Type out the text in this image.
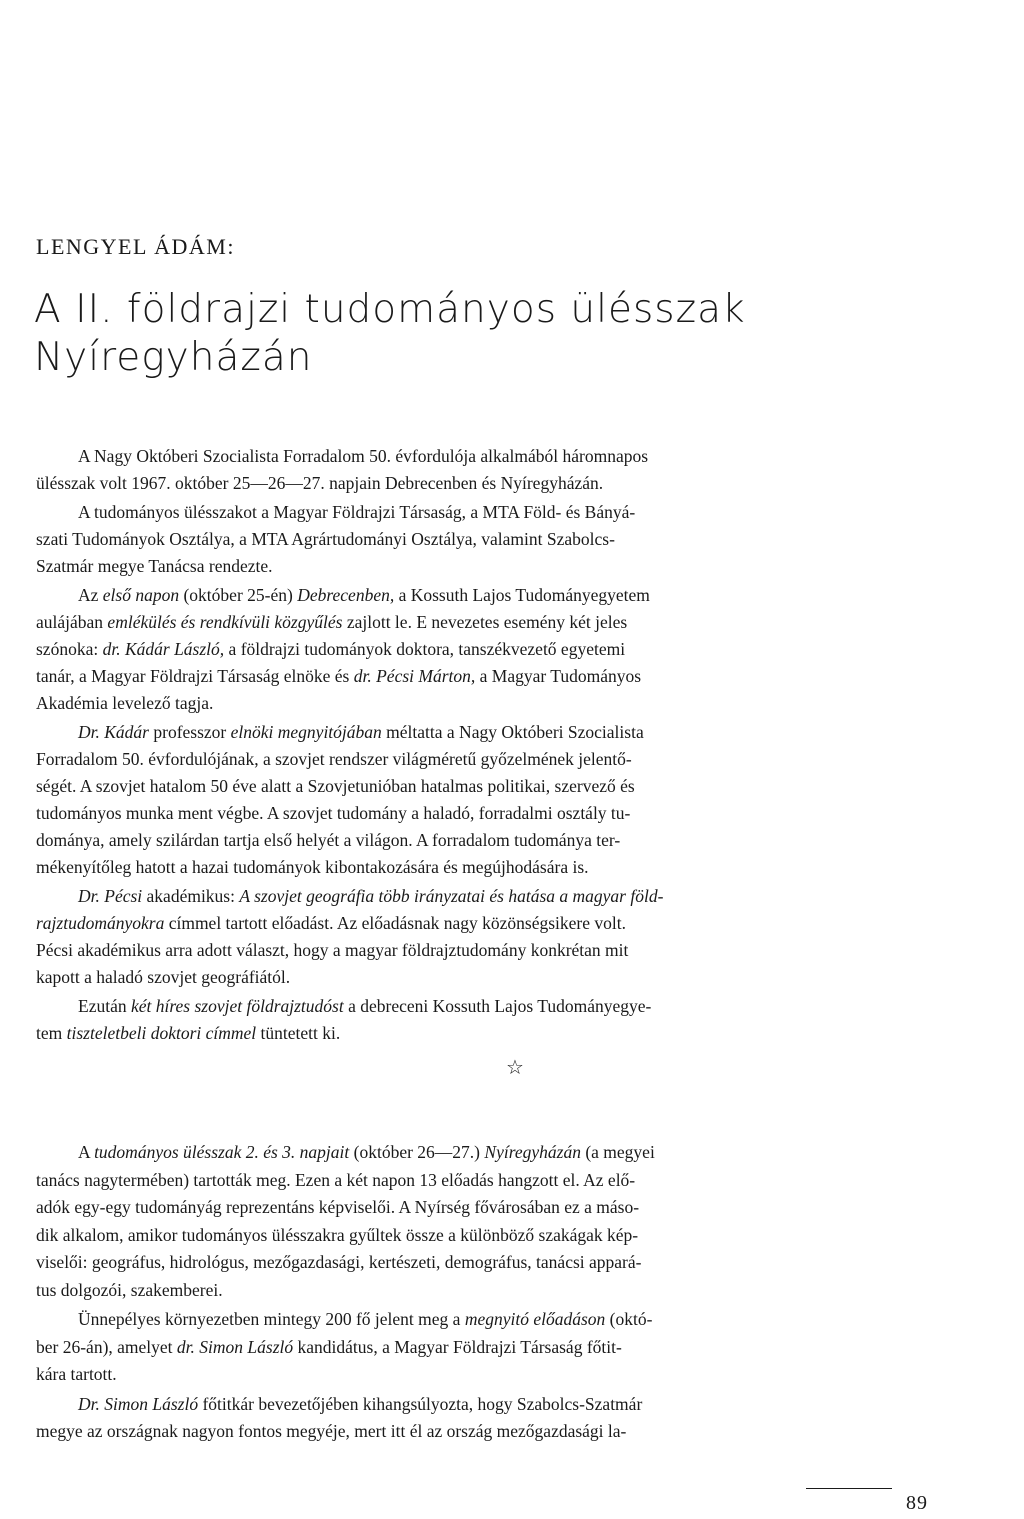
LENGYEL ÁDÁM:
A II. földrajzi tudományos ülésszak
Nyíregyházán

A Nagy Októberi Szocialista Forradalom 50. évfordulója alkalmából háromnapos
ülésszak volt 1967. október 25—26—27. napjain Debrecenben és Nyíregyházán.

A tudományos ülésszakot a Magyar Földrajzi Társaság, a MTA Föld- és Bányá-
szati Tudományok Osztálya, a MTA Agrártudományi Osztálya, valamint Szabolcs-
Szatmár megye Tanácsa rendezte.

Az első napon (október 25-én) Debrecenben, a Kossuth Lajos Tudományegyetem
aulájában emlékülés és rendkívüli közgyűlés zajlott le. E nevezetes esemény két jeles
szónoka: dr. Kádár László, a földrajzi tudományok doktora, tanszékvezető egyetemi
tanár, a Magyar Földrajzi Társaság elnöke és dr. Pécsi Márton, a Magyar Tudományos
Akadémia levelező tagja.

Dr. Kádár professzor elnöki megnyitójában méltatta a Nagy Októberi Szocialista
Forradalom 50. évfordulójának, a szovjet rendszer világméretű győzelmének jelentő-
ségét. A szovjet hatalom 50 éve alatt a Szovjetunióban hatalmas politikai, szervező és
tudományos munka ment végbe. A szovjet tudomány a haladó, forradalmi osztály tu-
dománya, amely szilárdan tartja első helyét a világon. A forradalom tudománya ter-
mékenyítőleg hatott a hazai tudományok kibontakozására és megújhodására is.

Dr. Pécsi akadémikus: A szovjet geográfia több irányzatai és hatása a magyar föld-
rajztudományokra címmel tartott előadást. Az előadásnak nagy közönségsikere volt.
Pécsi akadémikus arra adott választ, hogy a magyar földrajztudomány konkrétan mit
kapott a haladó szovjet geográfiától.

Ezután két híres szovjet földrajztudóst a debreceni Kossuth Lajos Tudományegye-
tem tiszteletbeli doktori címmel tüntetett ki.

☆

A tudományos ülésszak 2. és 3. napjait (október 26—27.) Nyíregyházán (a megyei
tanács nagytermében) tartották meg. Ezen a két napon 13 előadás hangzott el. Az elő-
adók egy-egy tudományág reprezentáns képviselői. A Nyírség fővárosában ez a máso-
dik alkalom, amikor tudományos ülésszakra gyűltek össze a különböző szakágak kép-
viselői: geográfus, hidrológus, mezőgazdasági, kertészeti, demográfus, tanácsi appará-
tus dolgozói, szakemberei.

Ünnepélyes környezetben mintegy 200 fő jelent meg a megnyitó előadáson (októ-
ber 26-án), amelyet dr. Simon László kandidátus, a Magyar Földrajzi Társaság főtit-
kára tartott.

Dr. Simon László főtitkár bevezetőjében kihangsúlyozta, hogy Szabolcs-Szatmár
megye az országnak nagyon fontos megyéje, mert itt él az ország mezőgazdasági la-

89
